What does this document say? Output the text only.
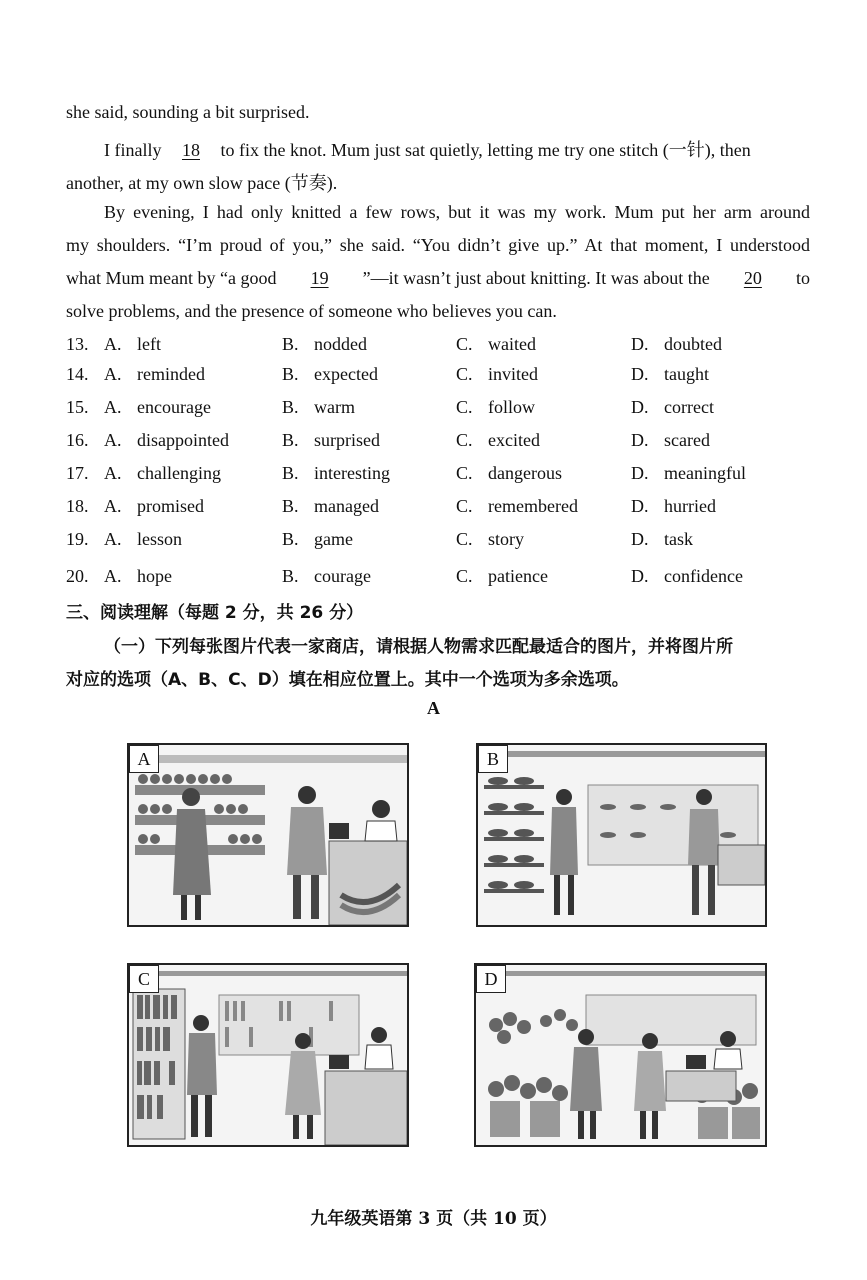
she said, sounding a bit surprised.
I finally 18 to fix the knot. Mum just sat quietly, letting me try one stitch (一针), then
another, at my own slow pace (节奏).
By evening, I had only knitted a few rows, but it was my work. Mum put her arm around
my shoulders. “I’m proud of you,” she said. “You didn’t give up.” At that moment, I understood
what Mum meant by “a good	19	”—it wasn’t just about knitting. It was about the	20	to
solve problems, and the presence of someone who believes you can.
13. A. left	B. nodded	C. waited	D. doubted
14. A. reminded	B. expected	C. invited	D. taught
15. A. encourage	B. warm	C. follow	D. correct
16. A. disappointed	B. surprised	C. excited	D. scared
17. A. challenging	B. interesting	C. dangerous	D. meaningful
18. A. promised	B. managed	C. remembered	D. hurried
19. A. lesson	B. game	C. story	D. task
20. A. hope	B. courage	C. patience	D. confidence
三、阅读理解（每题 2 分，共 26 分）
（一）下列每张图片代表一家商店，请根据人物需求匹配最适合的图片，并将图片所
对应的选项（A、B、C、D）填在相应位置上。其中一个选项为多余选项。
A
A	B
C	D
九年级英语第 3 页（共 10 页）
